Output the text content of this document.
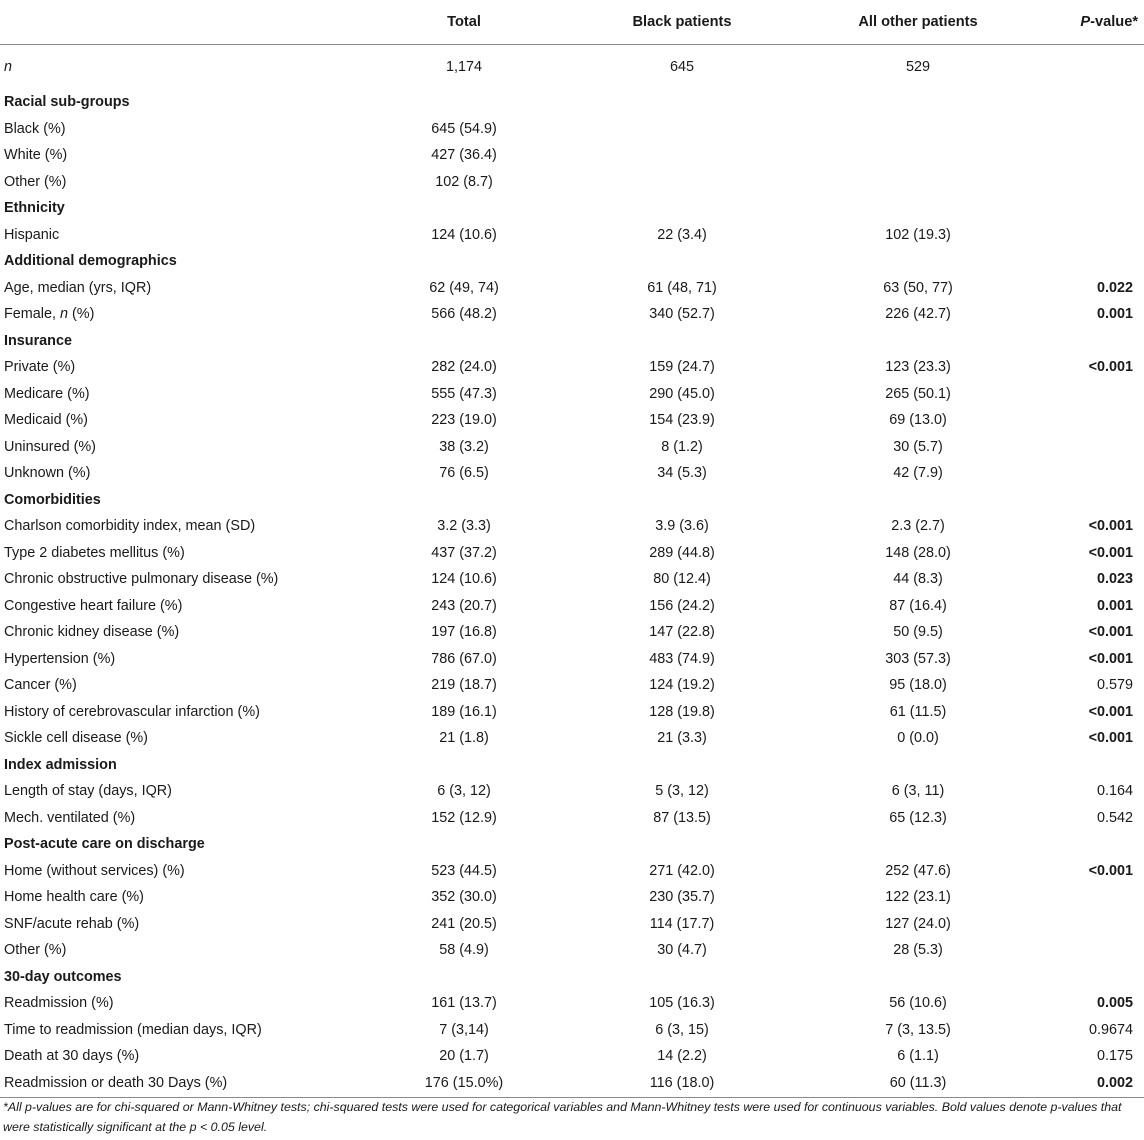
	Total	Black patients	All other patients	P-value*
n	1,174	645	529	
Racial sub-groups				
Black (%)	645 (54.9)			
White (%)	427 (36.4)			
Other (%)	102 (8.7)			
Ethnicity				
Hispanic	124 (10.6)	22 (3.4)	102 (19.3)	
Additional demographics				
Age, median (yrs, IQR)	62 (49, 74)	61 (48, 71)	63 (50, 77)	0.022
Female, n (%)	566 (48.2)	340 (52.7)	226 (42.7)	0.001
Insurance				
Private (%)	282 (24.0)	159 (24.7)	123 (23.3)	<0.001
Medicare (%)	555 (47.3)	290 (45.0)	265 (50.1)	
Medicaid (%)	223 (19.0)	154 (23.9)	69 (13.0)	
Uninsured (%)	38 (3.2)	8 (1.2)	30 (5.7)	
Unknown (%)	76 (6.5)	34 (5.3)	42 (7.9)	
Comorbidities				
Charlson comorbidity index, mean (SD)	3.2 (3.3)	3.9 (3.6)	2.3 (2.7)	<0.001
Type 2 diabetes mellitus (%)	437 (37.2)	289 (44.8)	148 (28.0)	<0.001
Chronic obstructive pulmonary disease (%)	124 (10.6)	80 (12.4)	44 (8.3)	0.023
Congestive heart failure (%)	243 (20.7)	156 (24.2)	87 (16.4)	0.001
Chronic kidney disease (%)	197 (16.8)	147 (22.8)	50 (9.5)	<0.001
Hypertension (%)	786 (67.0)	483 (74.9)	303 (57.3)	<0.001
Cancer (%)	219 (18.7)	124 (19.2)	95 (18.0)	0.579
History of cerebrovascular infarction (%)	189 (16.1)	128 (19.8)	61 (11.5)	<0.001
Sickle cell disease (%)	21 (1.8)	21 (3.3)	0 (0.0)	<0.001
Index admission				
Length of stay (days, IQR)	6 (3, 12)	5 (3, 12)	6 (3, 11)	0.164
Mech. ventilated (%)	152 (12.9)	87 (13.5)	65 (12.3)	0.542
Post-acute care on discharge				
Home (without services) (%)	523 (44.5)	271 (42.0)	252 (47.6)	<0.001
Home health care (%)	352 (30.0)	230 (35.7)	122 (23.1)	
SNF/acute rehab (%)	241 (20.5)	114 (17.7)	127 (24.0)	
Other (%)	58 (4.9)	30 (4.7)	28 (5.3)	
30-day outcomes				
Readmission (%)	161 (13.7)	105 (16.3)	56 (10.6)	0.005
Time to readmission (median days, IQR)	7 (3,14)	6 (3, 15)	7 (3, 13.5)	0.9674
Death at 30 days (%)	20 (1.7)	14 (2.2)	6 (1.1)	0.175
Readmission or death 30 Days (%)	176 (15.0%)	116 (18.0)	60 (11.3)	0.002
*All p-values are for chi-squared or Mann-Whitney tests; chi-squared tests were used for categorical variables and Mann-Whitney tests were used for continuous variables. Bold values denote p-values that were statistically significant at the p < 0.05 level.
